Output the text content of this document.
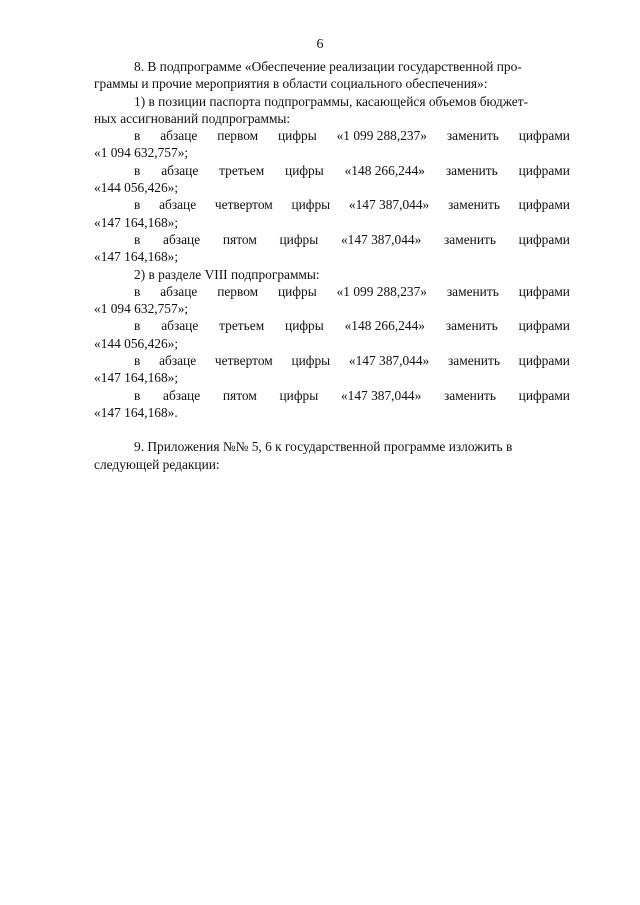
6
8. В подпрограмме «Обеспечение реализации государственной про-
граммы и прочие мероприятия в области социального обеспечения»:
1) в позиции паспорта подпрограммы, касающейся объемов бюджет-
ных ассигнований подпрограммы:
в абзаце первом цифры «1 099 288,237» заменить цифрами
«1 094 632,757»;
в абзаце третьем цифры «148 266,244» заменить цифрами
«144 056,426»;
в абзаце четвертом цифры «147 387,044» заменить цифрами
«147 164,168»;
в абзаце пятом цифры «147 387,044» заменить цифрами
«147 164,168»;
2) в разделе VIII подпрограммы:
в абзаце первом цифры «1 099 288,237» заменить цифрами
«1 094 632,757»;
в абзаце третьем цифры «148 266,244» заменить цифрами
«144 056,426»;
в абзаце четвертом цифры «147 387,044» заменить цифрами
«147 164,168»;
в абзаце пятом цифры «147 387,044» заменить цифрами
«147 164,168».
9. Приложения №№ 5, 6 к государственной программе изложить в
следующей редакции:
